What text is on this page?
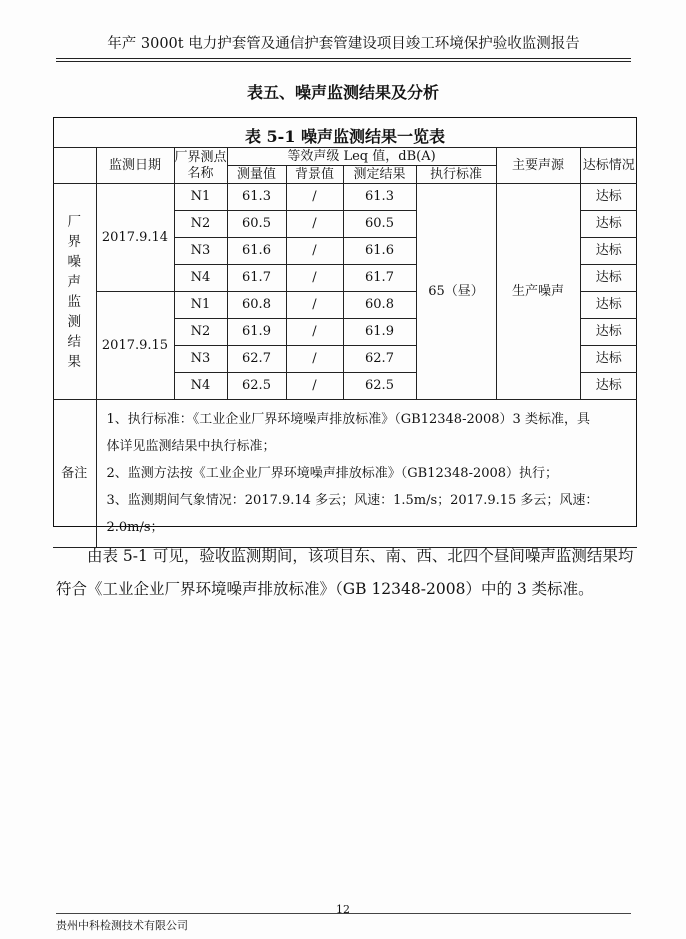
年产 3000t 电力护套管及通信护套管建设项目竣工环境保护验收监测报告
表五、噪声监测结果及分析
表 5-1 噪声监测结果一览表
	监测日期	厂界测点名称	等效声级 Leq 值，dB(A)				主要声源	达标情况
			测量值	背景值	测定结果	执行标准		
厂界噪声监测结果	2017.9.14	N1	61.3	/	61.3	65（昼）	生产噪声	达标
		N2	60.5	/	60.5			达标
		N3	61.6	/	61.6			达标
		N4	61.7	/	61.7			达标
	2017.9.15	N1	60.8	/	60.8			达标
		N2	61.9	/	61.9			达标
		N3	62.7	/	62.7			达标
		N4	62.5	/	62.5			达标
备注	1、执行标准：《工业企业厂界环境噪声排放标准》（GB12348-2008）3 类标准，具
体详见监测结果中执行标准；
2、监测方法按《工业企业厂界环境噪声排放标准》（GB12348-2008）执行；
3、监测期间气象情况：2017.9.14 多云；风速：1.5m/s；2017.9.15 多云；风速：2.0m/s；							
由表 5-1 可见，验收监测期间，该项目东、南、西、北四个昼间噪声监测结果均符合《工业企业厂界环境噪声排放标准》（GB 12348-2008）中的 3 类标准。
12
贵州中科检测技术有限公司
